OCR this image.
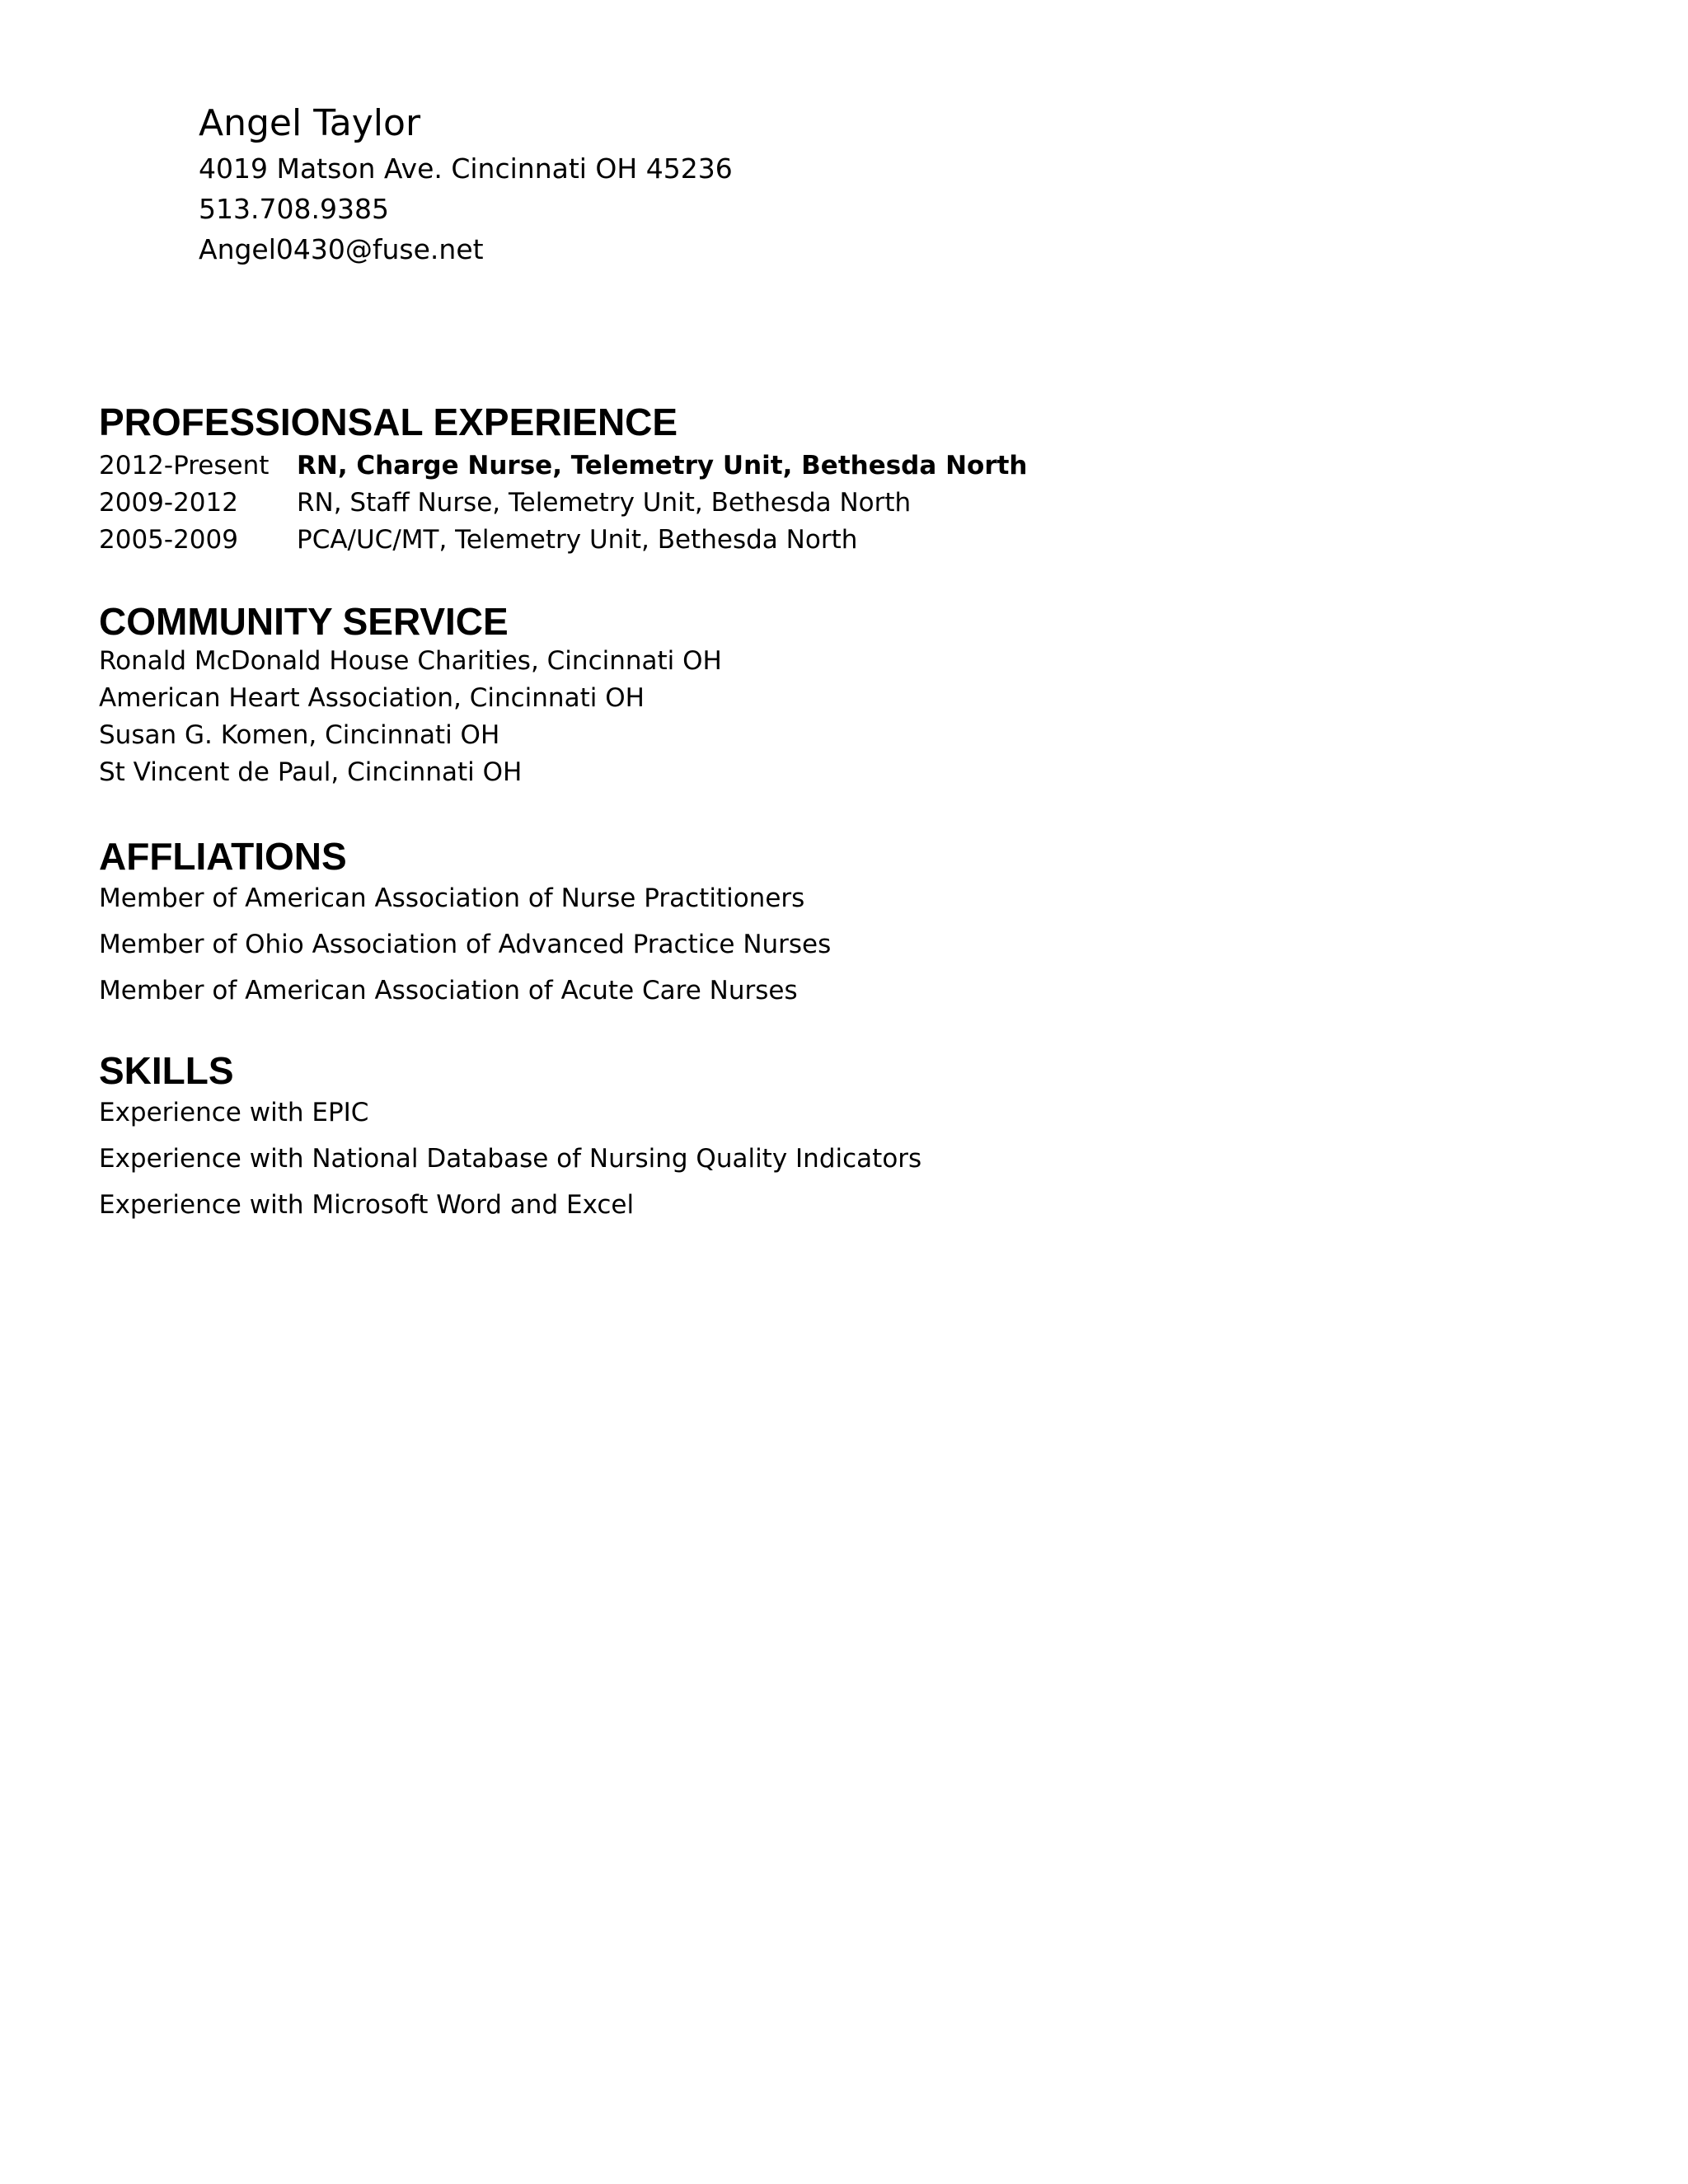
Angel Taylor

4019 Matson Ave. Cincinnati OH 45236

513.708.9385

Angel0430@fuse.net

PROFESSIONSAL EXPERIENCE
2012-Present	RN, Charge Nurse, Telemetry Unit, Bethesda North
2009-2012	RN, Staff Nurse, Telemetry Unit, Bethesda North
2005-2009	PCA/UC/MT, Telemetry Unit, Bethesda North
COMMUNITY SERVICE
Ronald McDonald House Charities, Cincinnati OH
American Heart Association, Cincinnati OH
Susan G. Komen, Cincinnati OH
St Vincent de Paul, Cincinnati OH
AFFLIATIONS
Member of American Association of Nurse Practitioners
Member of Ohio Association of Advanced Practice Nurses
Member of American Association of Acute Care Nurses
SKILLS
Experience with EPIC
Experience with National Database of Nursing Quality Indicators
Experience with Microsoft Word and Excel
